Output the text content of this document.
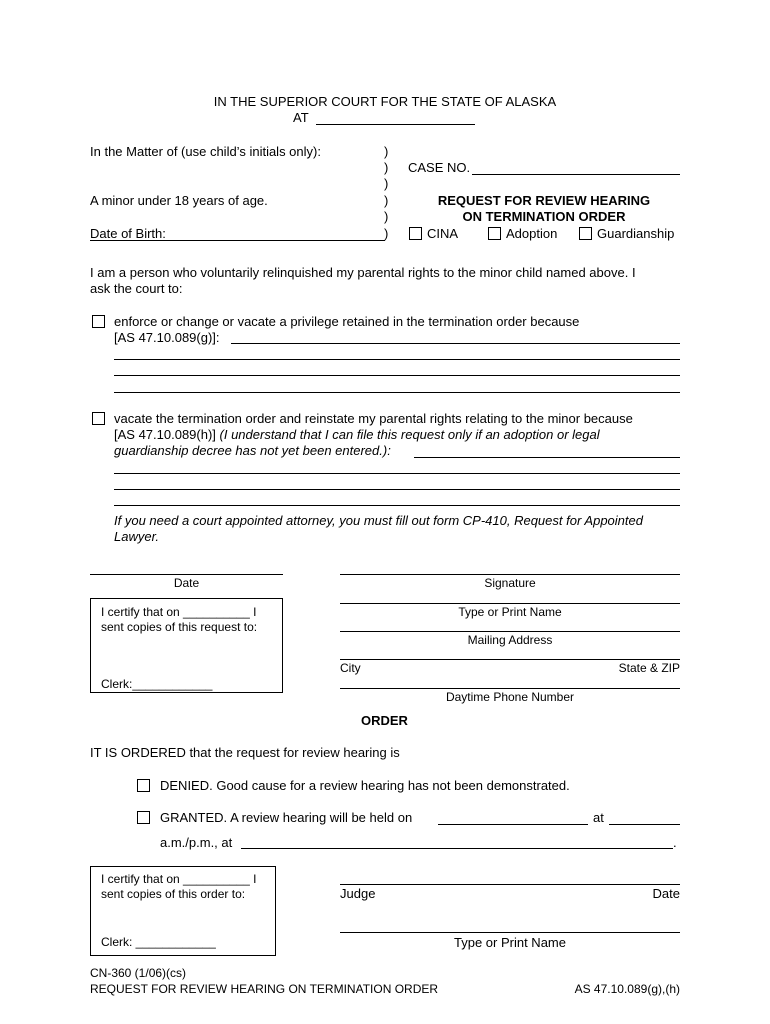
IN THE SUPERIOR COURT FOR THE STATE OF ALASKA
AT
In the Matter of (use child’s initials only):
A minor under 18 years of age.
Date of Birth:
)
)
)
)
)
)
CASE NO.
REQUEST FOR REVIEW HEARING
ON TERMINATION ORDER
CINA	Adoption	Guardianship
I am a person who voluntarily relinquished my parental rights to the minor child named above. I
ask the court to:
enforce or change or vacate a privilege retained in the termination order because
[AS 47.10.089(g)]:
vacate the termination order and reinstate my parental rights relating to the minor because
[AS 47.10.089(h)] (I understand that I can file this request only if an adoption or legal
guardianship decree has not yet been entered.):
If you need a court appointed attorney, you must fill out form CP-410, Request for Appointed
Lawyer.
Date	Signature
Type or Print Name
Mailing Address
City	State & ZIP
Daytime Phone Number
I certify that on __________ I
sent copies of this request to:
Clerk:____________
ORDER
IT IS ORDERED that the request for review hearing is
DENIED. Good cause for a review hearing has not been demonstrated.
GRANTED. A review hearing will be held on	at
a.m./p.m., at	.
I certify that on __________ I
sent copies of this order to:
Clerk: ____________
Judge	Date
Type or Print Name
CN-360 (1/06)(cs)
REQUEST FOR REVIEW HEARING ON TERMINATION ORDER	AS 47.10.089(g),(h)
